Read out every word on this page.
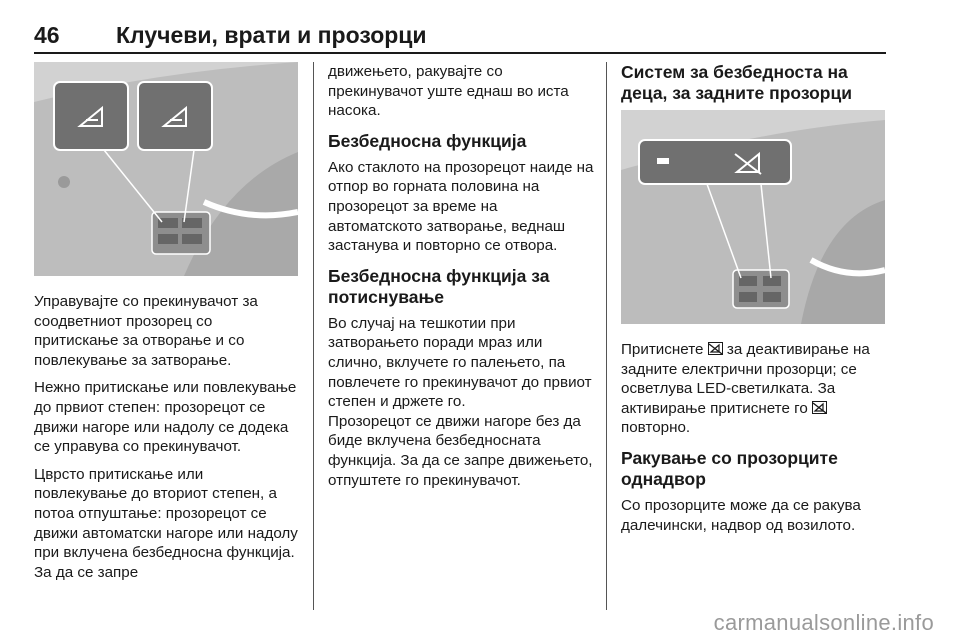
46 Клучеви, врати и прозорци

Управувајте со прекинувачот за соодветниот прозорец со притискање за отворање и со повлекување за затворање.

Нежно притискање или повлекување до првиот степен: прозорецот се движи нагоре или надолу се додека се управува со прекинувачот.

Цврсто притискање или повлекување до вториот степен, а потоа отпуштање: прозорецот се движи автоматски нагоре или надолу при вклучена безбедносна функција. За да се запре

движењето, ракувајте со прекинувачот уште еднаш во иста насока.

Безбедносна функција

Ако стаклото на прозорецот наиде на отпор во горната половина на прозорецот за време на автоматското затворање, веднаш застанува и повторно се отвора.

Безбедносна функција за потиснување

Во случај на тешкотии при затворањето поради мраз или слично, вклучете го палењето, па повлечете го прекинувачот до првиот степен и држете го.

Прозорецот се движи нагоре без да биде вклучена безбедносната функција. За да се запре движењето, отпуштете го прекинувачот.

Систем за безбедноста на деца, за задните прозорци

Притиснете за деактивирање на задните електрични прозорци; се осветлува LED-светилката. За активирање притиснете го  повторно.

Ракување со прозорците однадвор

Со прозорците може да се ракува далечински, надвор од возилото.

carmanualsonline.info
